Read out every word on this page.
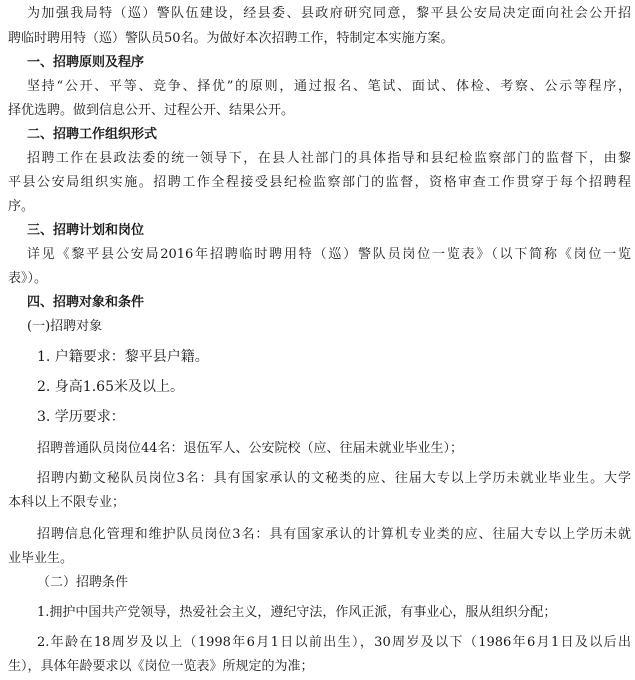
为加强我局特（巡）警队伍建设，经县委、县政府研究同意，黎平县公安局决定面向社会公开招
聘临时聘用特（巡）警队员50名。为做好本次招聘工作，特制定本实施方案。
一、招聘原则及程序
坚持“公开、平等、竞争、择优”的原则，通过报名、笔试、面试、体检、考察、公示等程序，
择优选聘。做到信息公开、过程公开、结果公开。
二、招聘工作组织形式
招聘工作在县政法委的统一领导下，在县人社部门的具体指导和县纪检监察部门的监督下，由黎
平县公安局组织实施。招聘工作全程接受县纪检监察部门的监督，资格审查工作贯穿于每个招聘程
序。
三、招聘计划和岗位
详见《黎平县公安局2016年招聘临时聘用特（巡）警队员岗位一览表》（以下简称《岗位一览
表》）。
四、招聘对象和条件
(一)招聘对象
1. 户籍要求：黎平县户籍。
2. 身高1.65米及以上。
3. 学历要求：
招聘普通队员岗位44名：退伍军人、公安院校（应、往届未就业毕业生）；
招聘内勤文秘队员岗位3名：具有国家承认的文秘类的应、往届大专以上学历未就业毕业生。大学
本科以上不限专业；
招聘信息化管理和维护队员岗位3名：具有国家承认的计算机专业类的应、往届大专以上学历未就
业毕业生。
（二）招聘条件
1.拥护中国共产党领导，热爱社会主义，遵纪守法，作风正派，有事业心，服从组织分配；
2.年龄在18周岁及以上（1998年6月1日以前出生），30周岁及以下（1986年6月1日及以后出
生），具体年龄要求以《岗位一览表》所规定的为准；
